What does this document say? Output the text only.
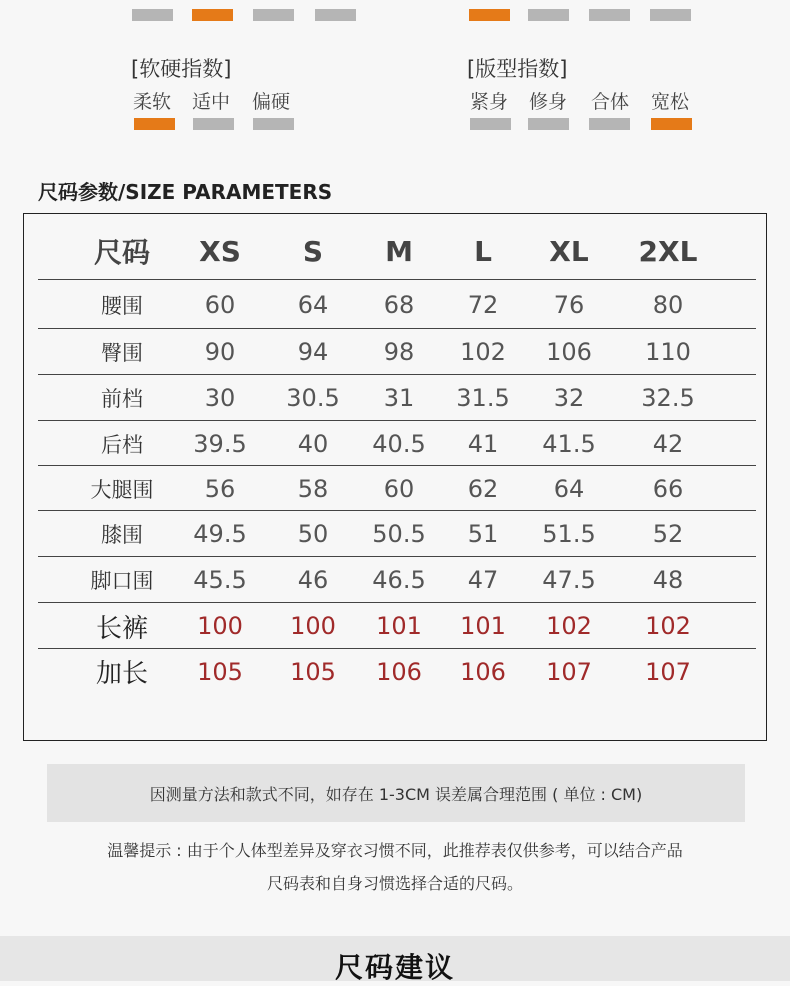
[软硬指数]
柔软 适中 偏硬
[版型指数]
紧身 修身 合体 宽松
尺码参数/SIZE PARAMETERS
尺码	XS	S	M	L	XL	2XL
腰围	60	64	68	72	76	80
臀围	90	94	98	102	106	110
前档	30	30.5	31	31.5	32	32.5
后档	39.5	40	40.5	41	41.5	42
大腿围	56	58	60	62	64	66
膝围	49.5	50	50.5	51	51.5	52
脚口围	45.5	46	46.5	47	47.5	48
长裤	100	100	101	101	102	102
加长	105	105	106	106	107	107
因测量方法和款式不同，如存在 1-3CM 误差属合理范围 ( 单位 : CM)
温馨提示 : 由于个人体型差异及穿衣习惯不同，此推荐表仅供参考，可以结合产品
尺码表和自身习惯选择合适的尺码。
尺码建议
